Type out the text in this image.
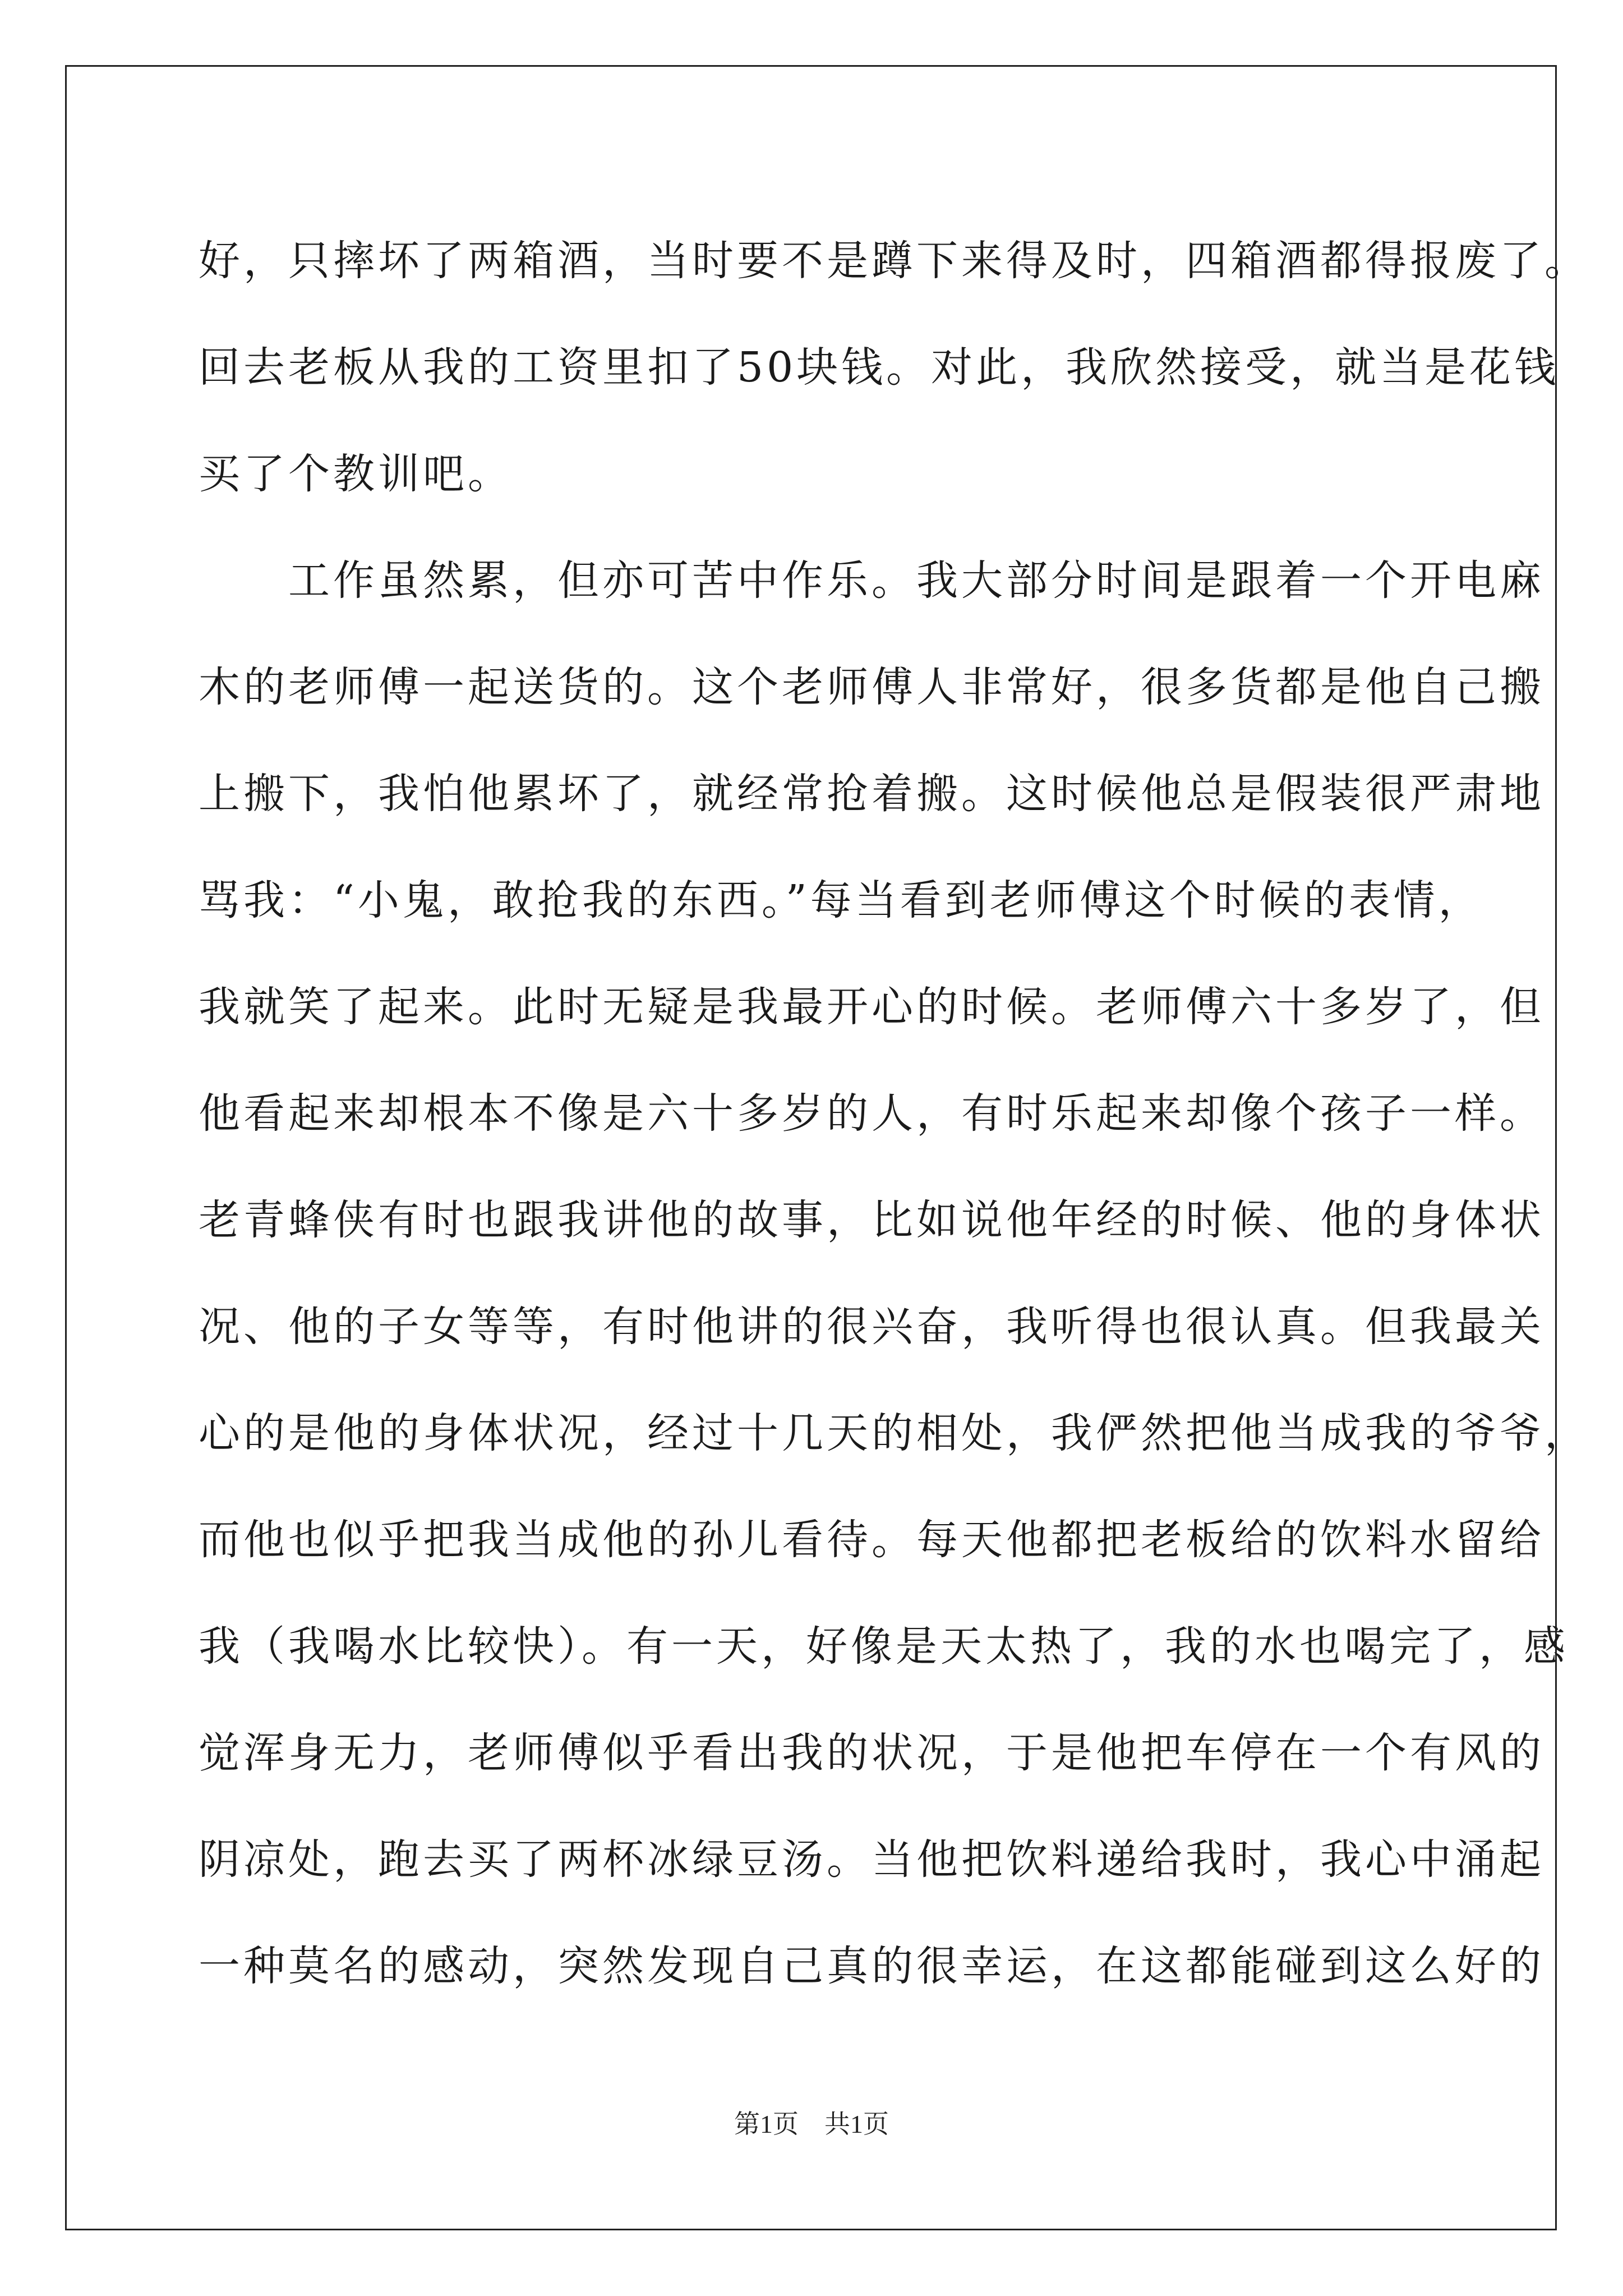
好，只摔坏了两箱酒，当时要不是蹲下来得及时，四箱酒都得报废了。
回去老板从我的工资里扣了50块钱。对此，我欣然接受，就当是花钱
买了个教训吧。
　　工作虽然累，但亦可苦中作乐。我大部分时间是跟着一个开电麻
木的老师傅一起送货的。这个老师傅人非常好，很多货都是他自己搬
上搬下，我怕他累坏了，就经常抢着搬。这时候他总是假装很严肃地
骂我：“小鬼，敢抢我的东西。”每当看到老师傅这个时候的表情，
我就笑了起来。此时无疑是我最开心的时候。老师傅六十多岁了，但
他看起来却根本不像是六十多岁的人，有时乐起来却像个孩子一样。
老青蜂侠有时也跟我讲他的故事，比如说他年经的时候、他的身体状
况、他的子女等等，有时他讲的很兴奋，我听得也很认真。但我最关
心的是他的身体状况，经过十几天的相处，我俨然把他当成我的爷爷，
而他也似乎把我当成他的孙儿看待。每天他都把老板给的饮料水留给
我（我喝水比较快）。有一天，好像是天太热了，我的水也喝完了，感
觉浑身无力，老师傅似乎看出我的状况，于是他把车停在一个有风的
阴凉处，跑去买了两杯冰绿豆汤。当他把饮料递给我时，我心中涌起
一种莫名的感动，突然发现自己真的很幸运，在这都能碰到这么好的
第1页　共1页
